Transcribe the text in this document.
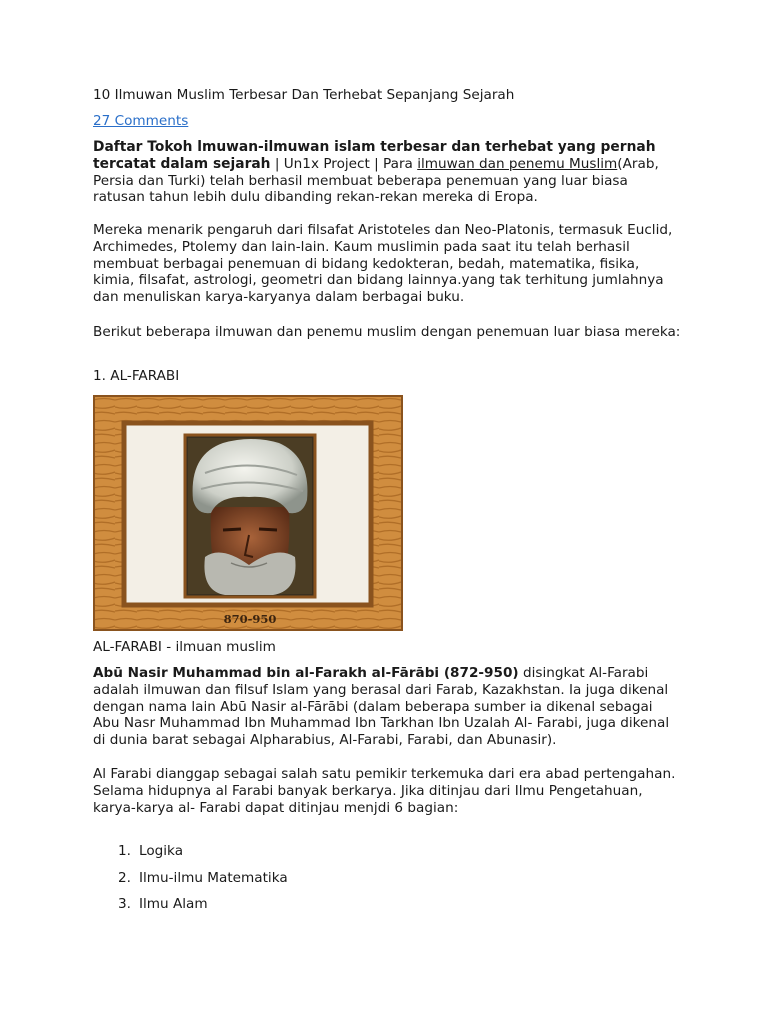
10 Ilmuwan Muslim Terbesar Dan Terhebat Sepanjang Sejarah

27 Comments

Daftar Tokoh lmuwan-ilmuwan islam terbesar dan terhebat yang pernah tercatat dalam sejarah | Un1x Project | Para ilmuwan dan penemu Muslim(Arab, Persia dan Turki) telah berhasil membuat beberapa penemuan yang luar biasa ratusan tahun lebih dulu dibanding rekan-rekan mereka di Eropa.

Mereka menarik pengaruh dari filsafat Aristoteles dan Neo-Platonis, termasuk Euclid, Archimedes, Ptolemy dan lain-lain. Kaum muslimin pada saat itu telah berhasil membuat berbagai penemuan di bidang kedokteran, bedah, matematika, fisika, kimia, filsafat, astrologi, geometri dan bidang lainnya.yang tak terhitung jumlahnya dan menuliskan karya-karyanya dalam berbagai buku.

Berikut beberapa ilmuwan dan penemu muslim dengan penemuan luar biasa mereka:

1. AL-FARABI

870-950

AL-FARABI - ilmuan muslim

Abū Nasir Muhammad bin al-Farakh al-Fārābi (872-950) disingkat Al-Farabi adalah ilmuwan dan filsuf Islam yang berasal dari Farab, Kazakhstan. Ia juga dikenal dengan nama lain Abū Nasir al-Fārābi (dalam beberapa sumber ia dikenal sebagai Abu Nasr Muhammad Ibn Muhammad Ibn Tarkhan Ibn Uzalah Al- Farabi, juga dikenal di dunia barat sebagai Alpharabius, Al-Farabi, Farabi, dan Abunasir).

Al Farabi dianggap sebagai salah satu pemikir terkemuka dari era abad pertengahan. Selama hidupnya al Farabi banyak berkarya. Jika ditinjau dari Ilmu Pengetahuan, karya-karya al- Farabi dapat ditinjau menjdi 6 bagian:

1. Logika
2. Ilmu-ilmu Matematika
3. Ilmu Alam
